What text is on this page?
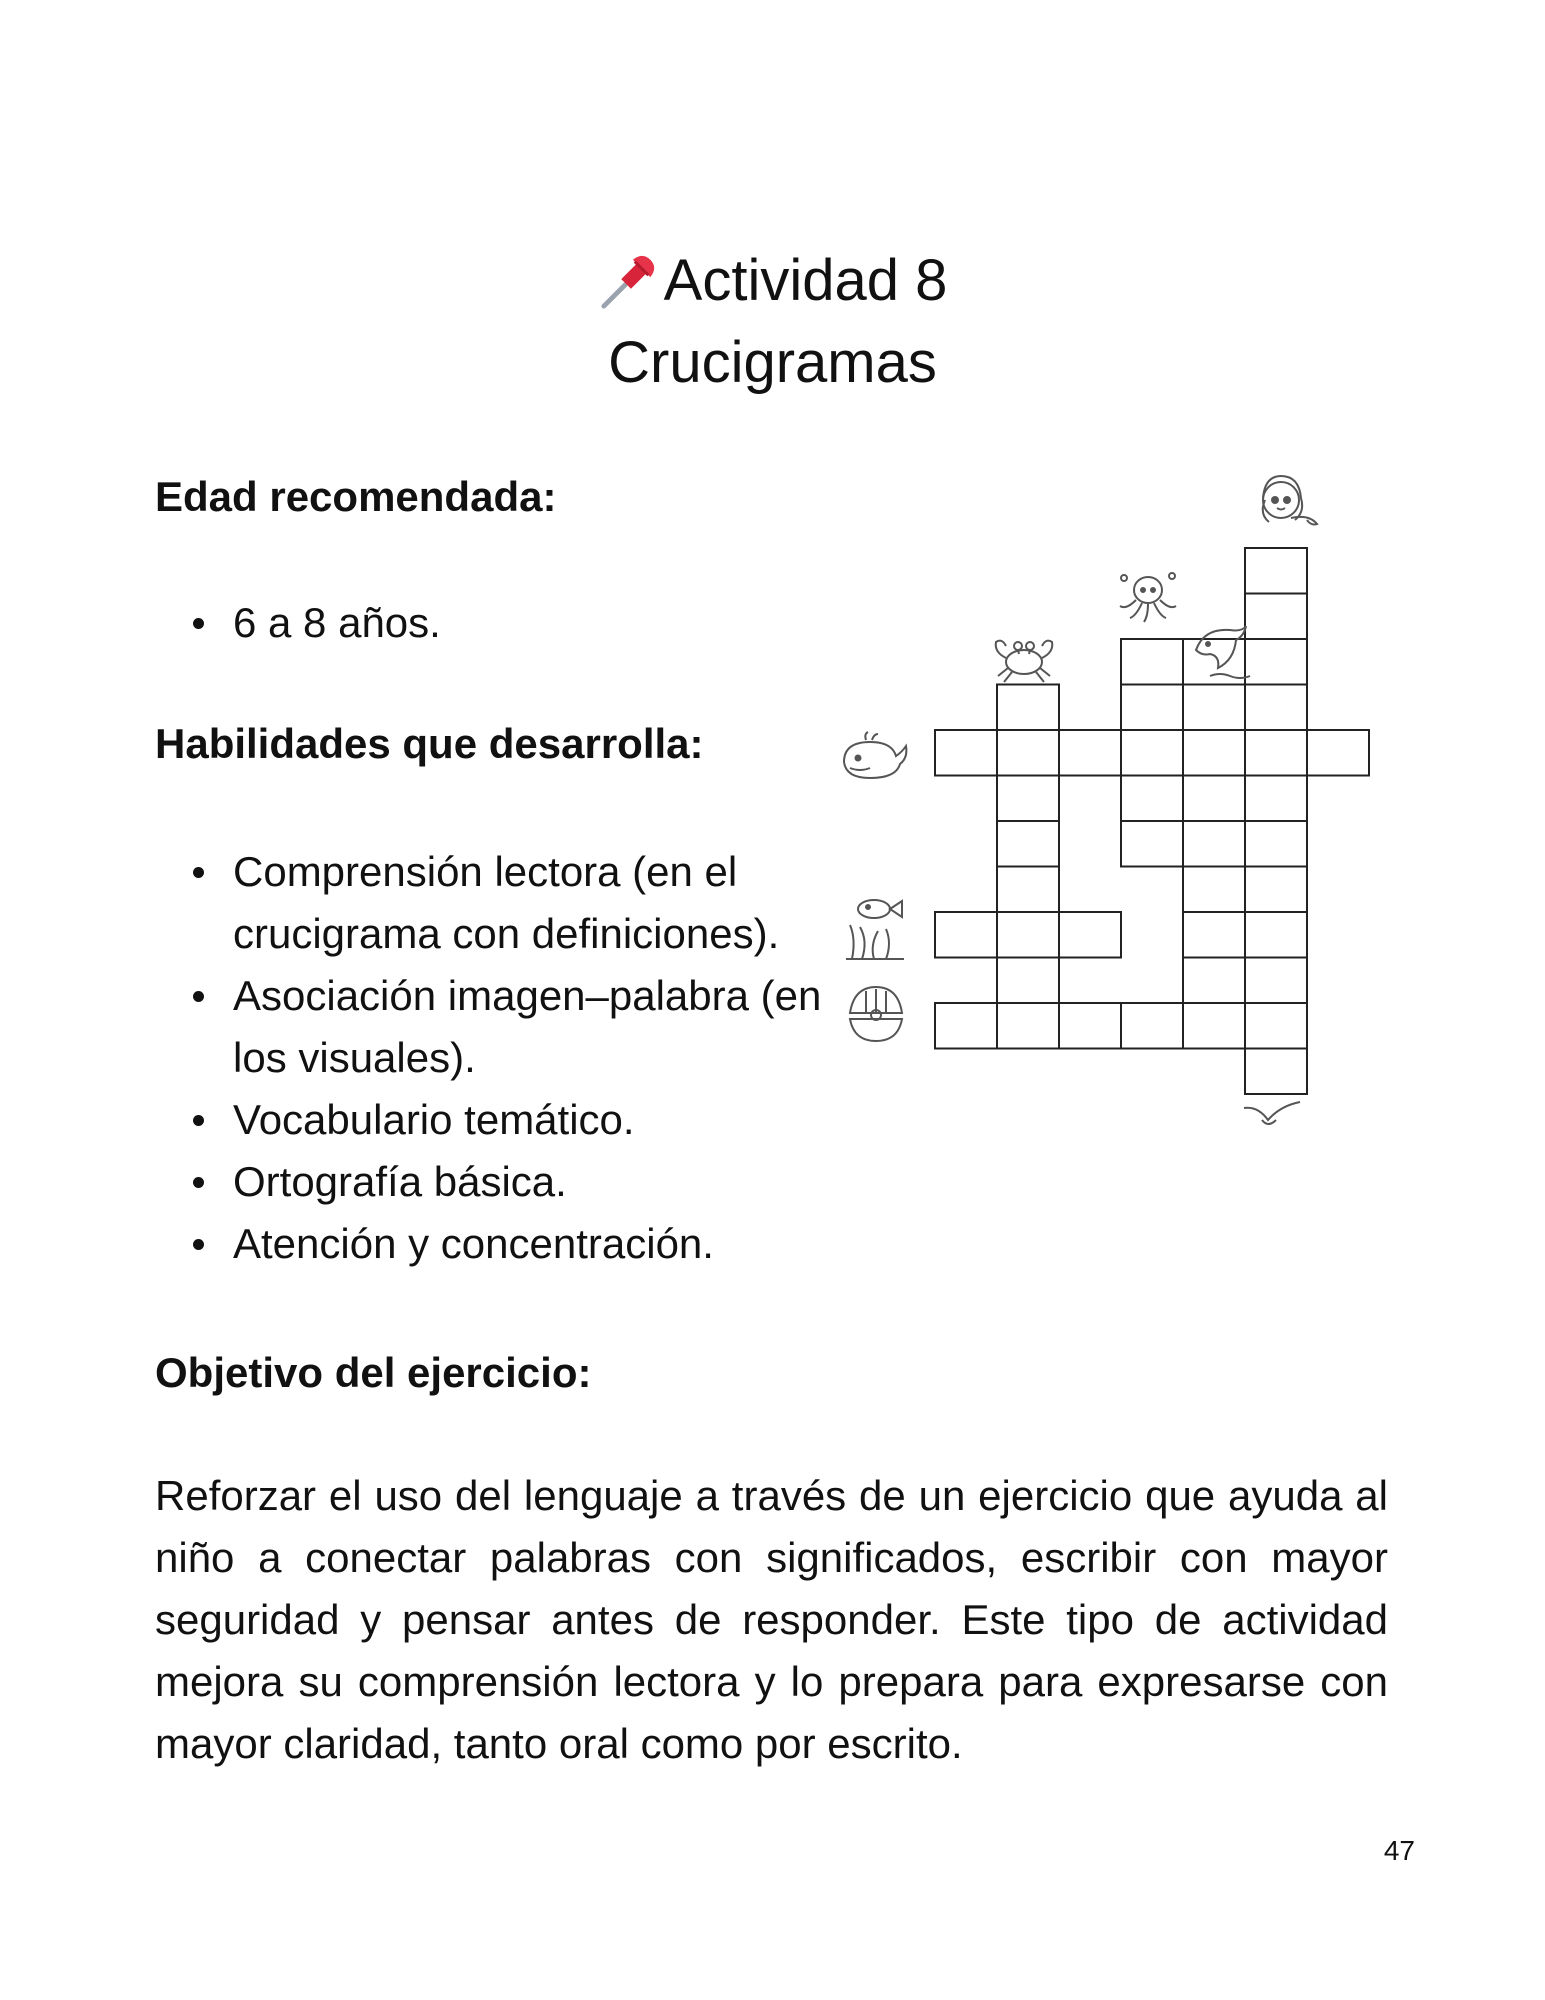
Actividad 8
Crucigramas
Edad recomendada:
6 a 8 años.
Habilidades que desarrolla:
Comprensión lectora (en el crucigrama con definiciones).
Asociación imagen–palabra (en los visuales).
Vocabulario temático.
Ortografía básica.
Atención y concentración.
Objetivo del ejercicio:
Reforzar el uso del lenguaje a través de un ejercicio que ayuda al niño a conectar palabras con significados, escribir con mayor seguridad y pensar antes de responder. Este tipo de actividad mejora su comprensión lectora y lo prepara para expresarse con mayor claridad, tanto oral como por escrito.
47
